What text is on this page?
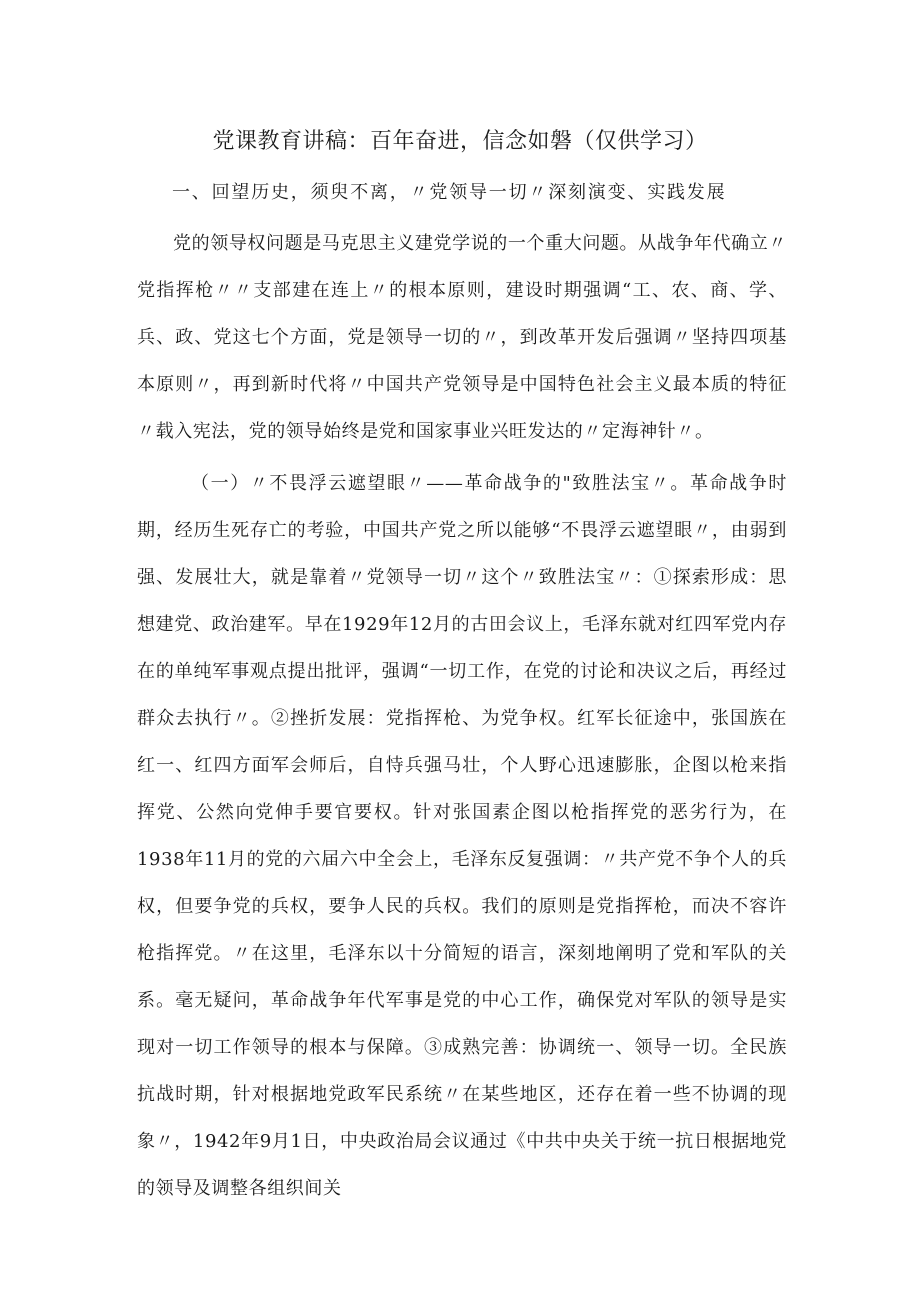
党课教育讲稿：百年奋进，信念如磐（仅供学习）
一、回望历史，须臾不离，〃党领导一切〃深刻演变、实践发展

党的领导权问题是马克思主义建党学说的一个重大问题。从战争年代确立〃党指挥枪〃〃支部建在连上〃的根本原则，建设时期强调“工、农、商、学、兵、政、党这七个方面，党是领导一切的〃，到改革开发后强调〃坚持四项基本原则〃，再到新时代将〃中国共产党领导是中国特色社会主义最本质的特征〃载入宪法，党的领导始终是党和国家事业兴旺发达的〃定海神针〃。

（一）〃不畏浮云遮望眼〃——革命战争的"致胜法宝〃。革命战争时期，经历生死存亡的考验，中国共产党之所以能够“不畏浮云遮望眼〃，由弱到强、发展壮大，就是靠着〃党领导一切〃这个〃致胜法宝〃：①探索形成：思想建党、政治建军。早在1929年12月的古田会议上，毛泽东就对红四军党内存在的单纯军事观点提出批评，强调“一切工作，在党的讨论和决议之后，再经过群众去执行〃。②挫折发展：党指挥枪、为党争权。红军长征途中，张国族在红一、红四方面军会师后，自恃兵强马壮，个人野心迅速膨胀，企图以枪来指挥党、公然向党伸手要官要权。针对张国素企图以枪指挥党的恶劣行为，在1938年11月的党的六届六中全会上，毛泽东反复强调：〃共产党不争个人的兵权，但要争党的兵权，要争人民的兵权。我们的原则是党指挥枪，而决不容许枪指挥党。〃在这里，毛泽东以十分简短的语言，深刻地阐明了党和军队的关系。毫无疑问，革命战争年代军事是党的中心工作，确保党对军队的领导是实现对一切工作领导的根本与保障。③成熟完善：协调统一、领导一切。全民族抗战时期，针对根据地党政军民系统〃在某些地区，还存在着一些不协调的现象〃，1942年9月1日，中央政治局会议通过《中共中央关于统一抗日根据地党的领导及调整各组织间关
